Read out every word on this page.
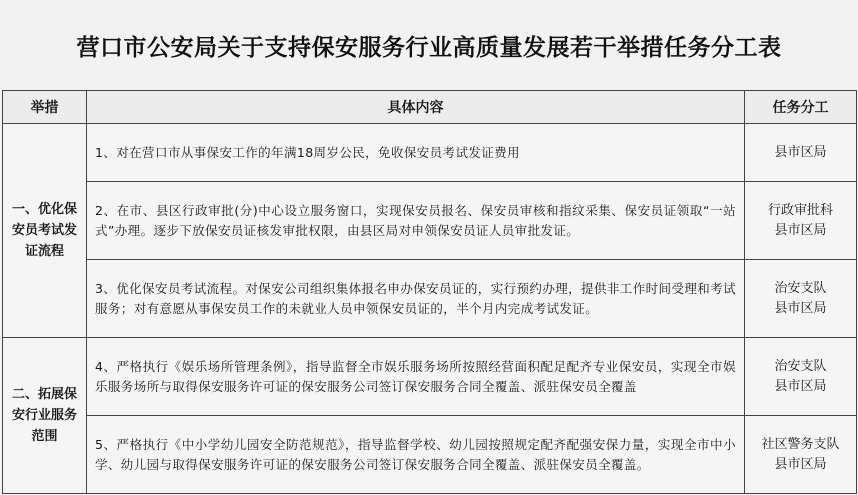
营口市公安局关于支持保安服务行业高质量发展若干举措任务分工表
举措	具体内容	任务分工
一、优化保安员考试发证流程	1、对在营口市从事保安工作的年满18周岁公民，免收保安员考试发证费用	县市区局

	2、在市、县区行政审批(分)中心设立服务窗口，实现保安员报名、保安员审核和指纹采集、保安员证领取“一站式”办理。逐步下放保安员证核发审批权限，由县区局对申领保安员证人员审批发证。	行政审批科
县市区局

	3、优化保安员考试流程。对保安公司组织集体报名申办保安员证的，实行预约办理，提供非工作时间受理和考试服务；对有意愿从事保安员工作的未就业人员申领保安员证的，半个月内完成考试发证。	治安支队
县市区局

二、拓展保安行业服务范围	4、严格执行《娱乐场所管理条例》，指导监督全市娱乐服务场所按照经营面积配足配齐专业保安员，实现全市娱乐服务场所与取得保安服务许可证的保安服务公司签订保安服务合同全覆盖、派驻保安员全覆盖	治安支队
县市区局

	5、严格执行《中小学幼儿园安全防范规范》，指导监督学校、幼儿园按照规定配齐配强安保力量，实现全市中小学、幼儿园与取得保安服务许可证的保安服务公司签订保安服务合同全覆盖、派驻保安员全覆盖。	社区警务支队
县市区局
